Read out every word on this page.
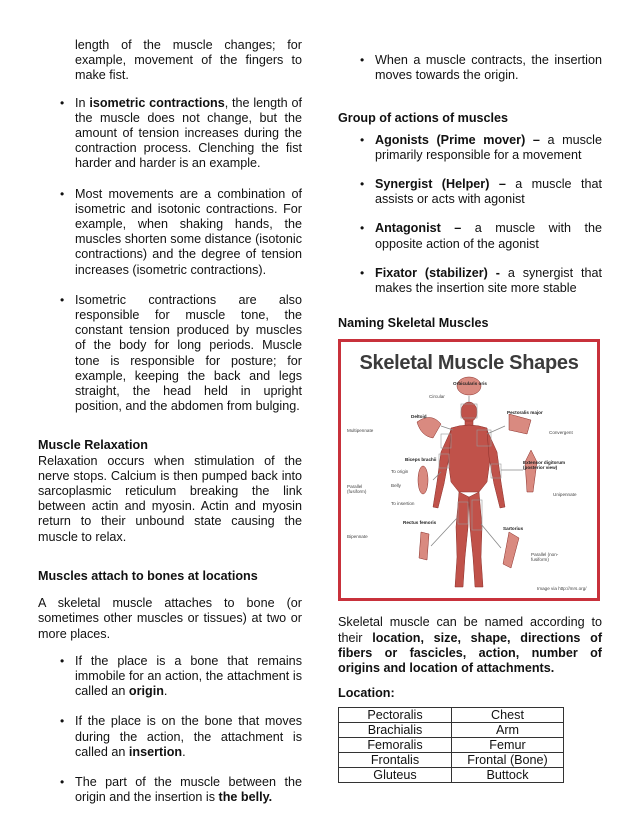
length of the muscle changes; for example, movement of the fingers to make fist.

• In isometric contractions, the length of the muscle does not change, but the amount of tension increases during the contraction process. Clenching the fist harder and harder is an example.
• Most movements are a combination of isometric and isotonic contractions. For example, when shaking hands, the muscles shorten some distance (isotonic contractions) and the degree of tension increases (isometric contractions).
• Isometric contractions are also responsible for muscle tone, the constant tension produced by muscles of the body for long periods. Muscle tone is responsible for posture; for example, keeping the back and legs straight, the head held in upright position, and the abdomen from bulging.
Muscle Relaxation

Relaxation occurs when stimulation of the nerve stops. Calcium is then pumped back into sarcoplasmic reticulum breaking the link between actin and myosin. Actin and myosin return to their unbound state causing the muscle to relax.

Muscles attach to bones at locations

A skeletal muscle attaches to bone (or sometimes other muscles or tissues) at two or more places.

• If the place is a bone that remains immobile for an action, the attachment is called an origin.
• If the place is on the bone that moves during the action, the attachment is called an insertion.
• The part of the muscle between the origin and the insertion is the belly.
• When a muscle contracts, the insertion moves towards the origin.
Group of actions of muscles
• Agonists (Prime mover) – a muscle primarily responsible for a movement
• Synergist (Helper) – a muscle that assists or acts with agonist
• Antagonist – a muscle with the opposite action of the agonist
• Fixator (stabilizer) - a synergist that makes the insertion site more stable
Naming Skeletal Muscles
Skeletal Muscle Shapes
Orbicularis oris
Circular
Deltoid
Multipennate
Pectoralis major
Convergent
Biceps brachii
To origin
Parallel (fusiform)
Belly
To insertion
Extensor digitorum (posterior view)
Unipennate
Rectus femoris
Bipennate
Sartorius
Parallel (non-fusiform)
Image via http://mrs.org/

Skeletal muscle can be named according to their location, size, shape, directions of fibers or fascicles, action, number of origins and location of attachments.

Location:
Pectoralis	Chest
Brachialis	Arm
Femoralis	Femur
Frontalis	Frontal (Bone)
Gluteus	Buttock
